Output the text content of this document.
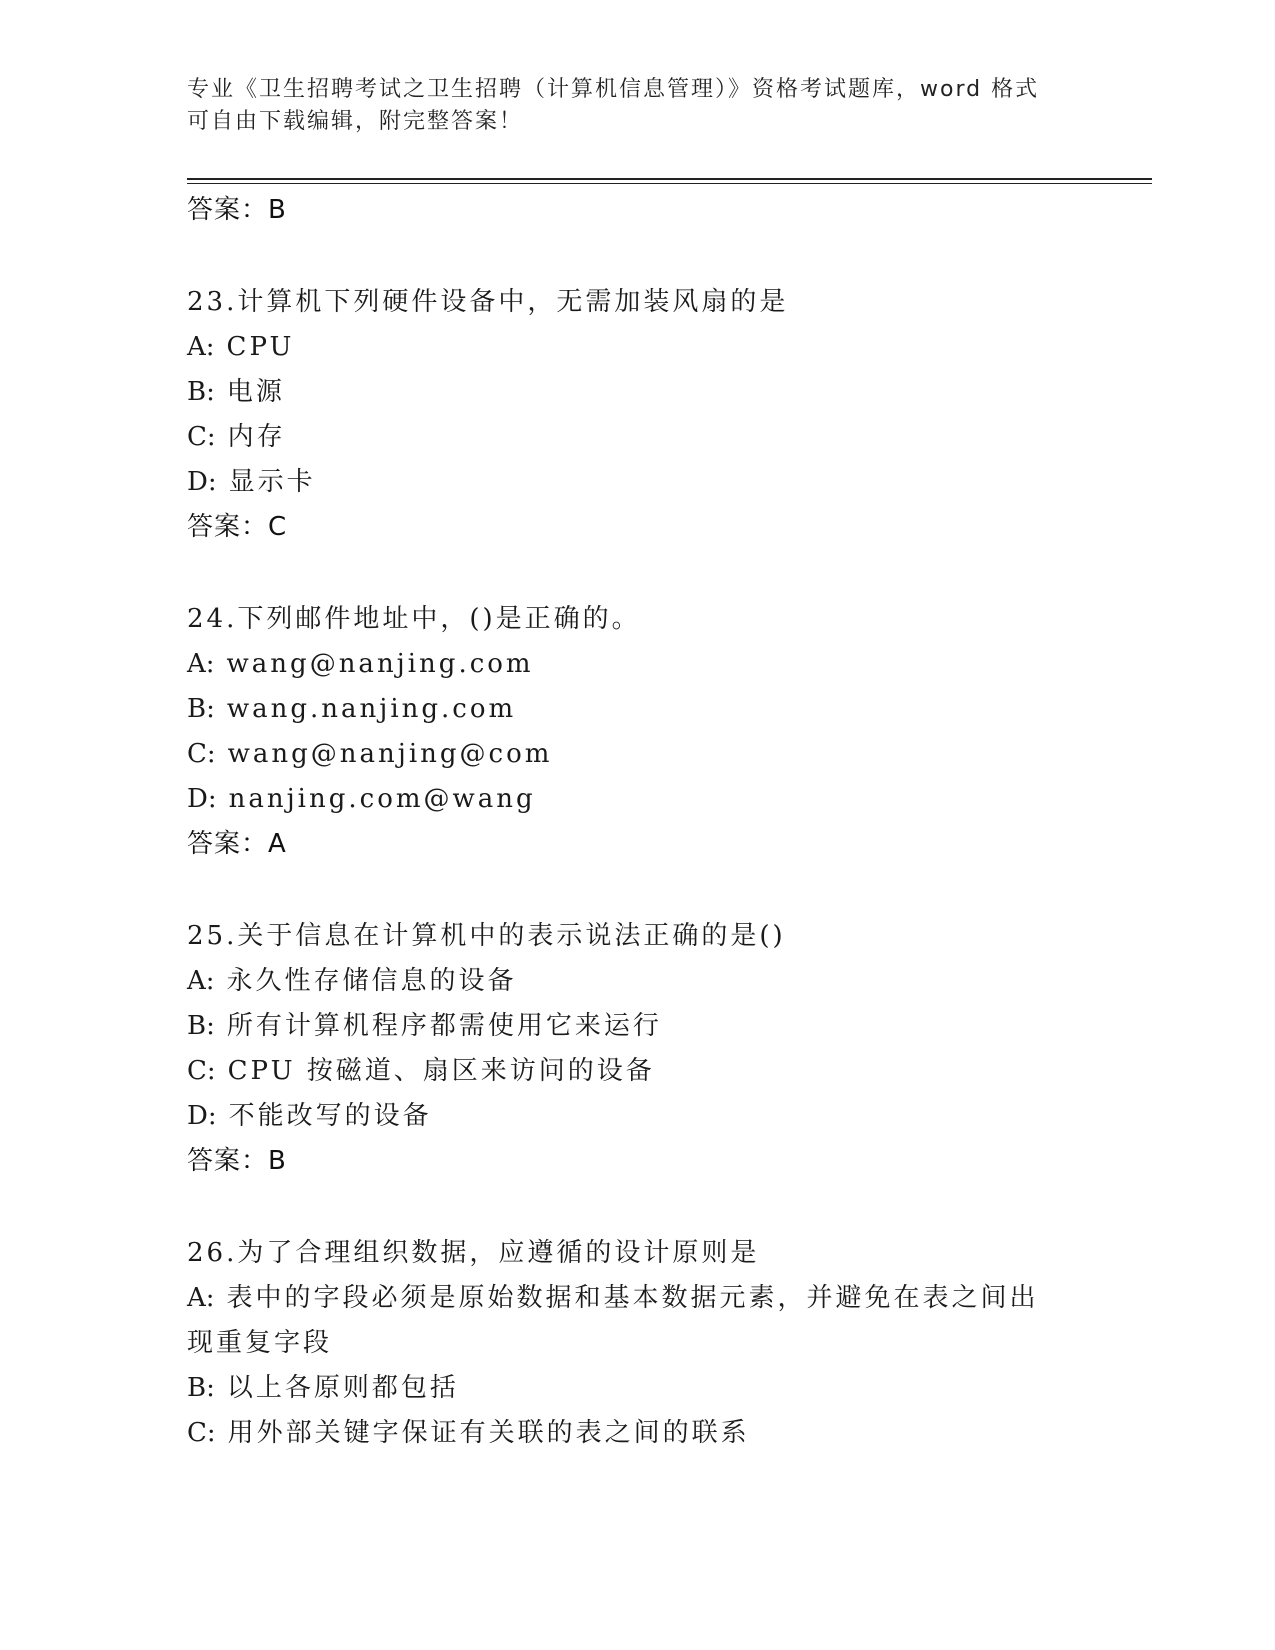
专业《卫生招聘考试之卫生招聘（计算机信息管理）》资格考试题库，word 格式
可自由下载编辑，附完整答案！
答案：B
23.计算机下列硬件设备中，无需加装风扇的是
A: CPU
B: 电源
C: 内存
D: 显示卡
答案：C
24.下列邮件地址中，()是正确的。
A: wang@nanjing.com
B: wang.nanjing.com
C: wang@nanjing@com
D: nanjing.com@wang
答案：A
25.关于信息在计算机中的表示说法正确的是()
A: 永久性存储信息的设备
B: 所有计算机程序都需使用它来运行
C: CPU 按磁道、扇区来访问的设备
D: 不能改写的设备
答案：B
26.为了合理组织数据，应遵循的设计原则是
A: 表中的字段必须是原始数据和基本数据元素，并避免在表之间出现重复字段
B: 以上各原则都包括
C: 用外部关键字保证有关联的表之间的联系
